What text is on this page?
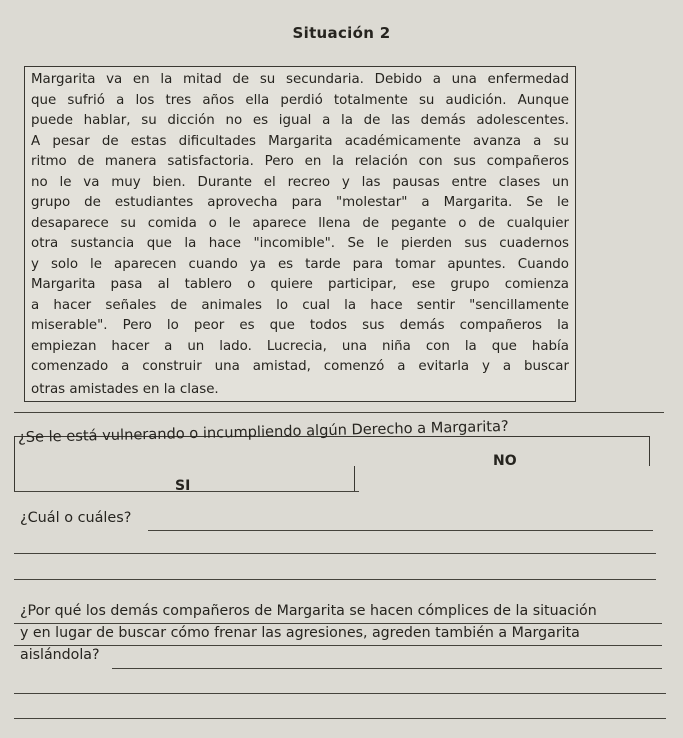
Situación 2
Margarita va en la mitad de su secundaria. Debido a una enfermedad
que sufrió a los tres años ella perdió totalmente su audición. Aunque
puede hablar, su dicción no es igual a la de las demás adolescentes.
A pesar de estas dificultades Margarita académicamente avanza a su
ritmo de manera satisfactoria. Pero en la relación con sus compañeros
no le va muy bien. Durante el recreo y las pausas entre clases un
grupo de estudiantes aprovecha para "molestar" a Margarita. Se le
desaparece su comida o le aparece llena de pegante o de cualquier
otra sustancia que la hace "incomible". Se le pierden sus cuadernos
y solo le aparecen cuando ya es tarde para tomar apuntes. Cuando
Margarita pasa al tablero o quiere participar, ese grupo comienza
a hacer señales de animales lo cual la hace sentir "sencillamente
miserable". Pero lo peor es que todos sus demás compañeros la
empiezan hacer a un lado. Lucrecia, una niña con la que había
comenzado a construir una amistad, comenzó a evitarla y a buscar
otras amistades en la clase.
¿Se le está vulnerando o incumpliendo algún Derecho a Margarita?
SI
NO
¿Cuál o cuáles?
¿Por qué los demás compañeros de Margarita se hacen cómplices de la situación
y en lugar de buscar cómo frenar las agresiones, agreden también a Margarita
aislándola?
